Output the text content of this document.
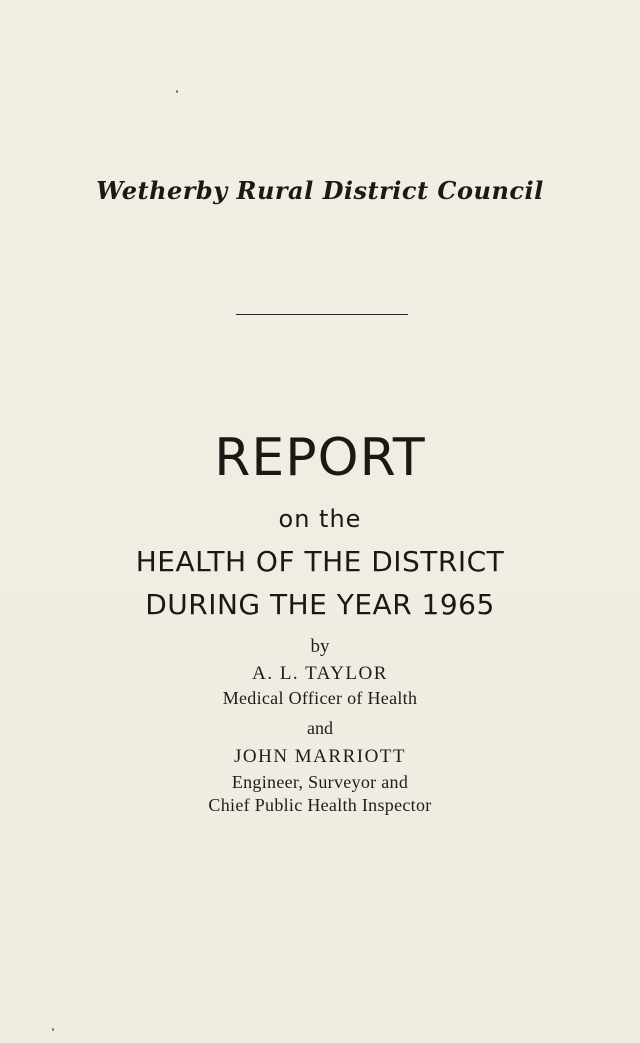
Wetherby Rural District Council
REPORT
on the
HEALTH OF THE DISTRICT
DURING THE YEAR 1965
by
A. L. TAYLOR
Medical Officer of Health
and
JOHN MARRIOTT
Engineer, Surveyor and
Chief Public Health Inspector
